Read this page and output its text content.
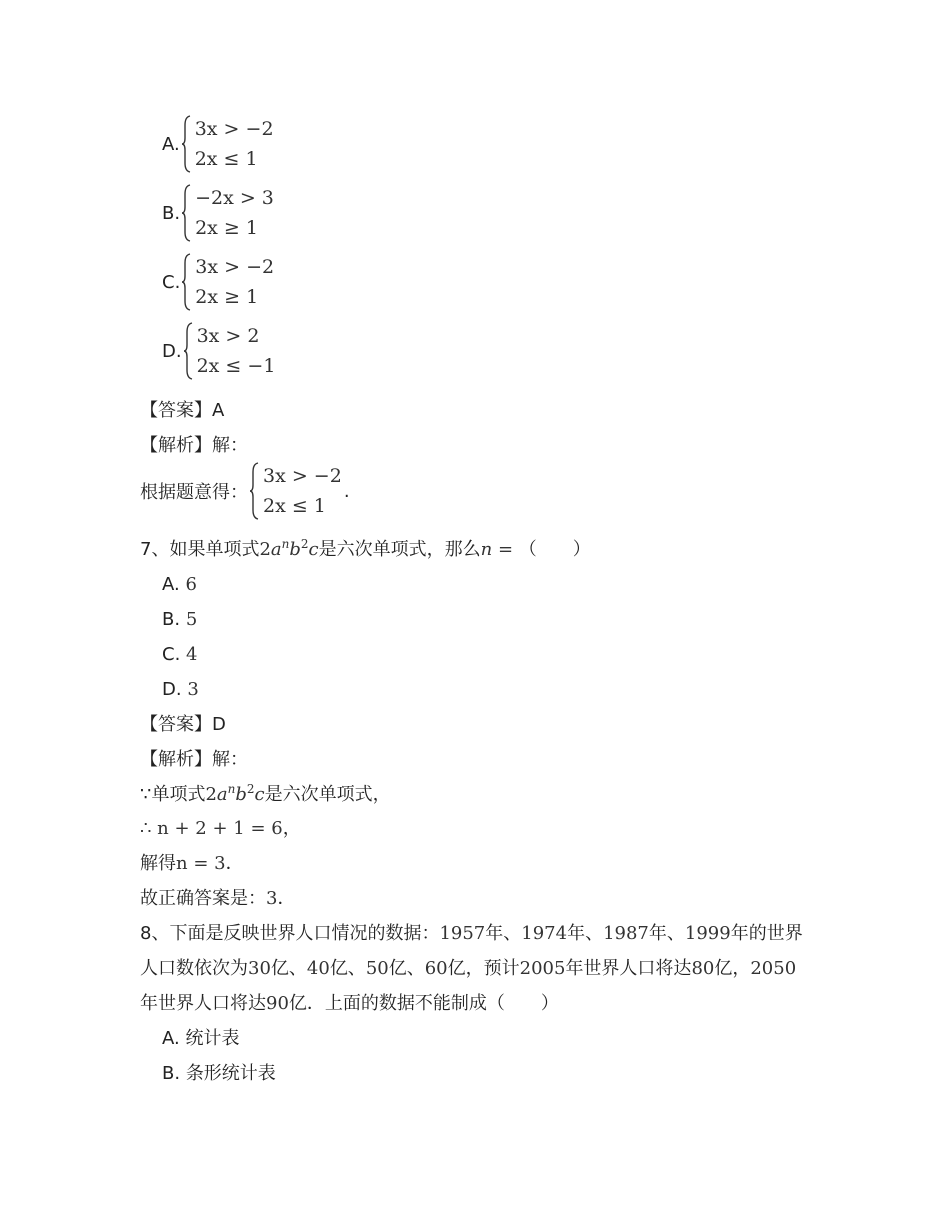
A.
3x > −2
2x ≤ 1
B.
−2x > 3
2x ≥ 1
C.
3x > −2
2x ≥ 1
D.
3x > 2
2x ≤ −1
【答案】A
【解析】解：
根据题意得：
3x > −2
2x ≤ 1
.
7、如果单项式$2a^nb^2c$是六次单项式，那么n = （　　）
A. 6
B. 5
C. 4
D. 3
【答案】D
【解析】解：
∵单项式$2a^nb^2c$是六次单项式，
∴ n + 2 + 1 = 6，
解得n = 3．
故正确答案是：3．
8、下面是反映世界人口情况的数据：1957年、1974年、1987年、1999年的世界
人口数依次为30亿、40亿、50亿、60亿，预计2005年世界人口将达80亿，2050
年世界人口将达90亿．上面的数据不能制成（　　）
A. 统计表
B. 条形统计表
